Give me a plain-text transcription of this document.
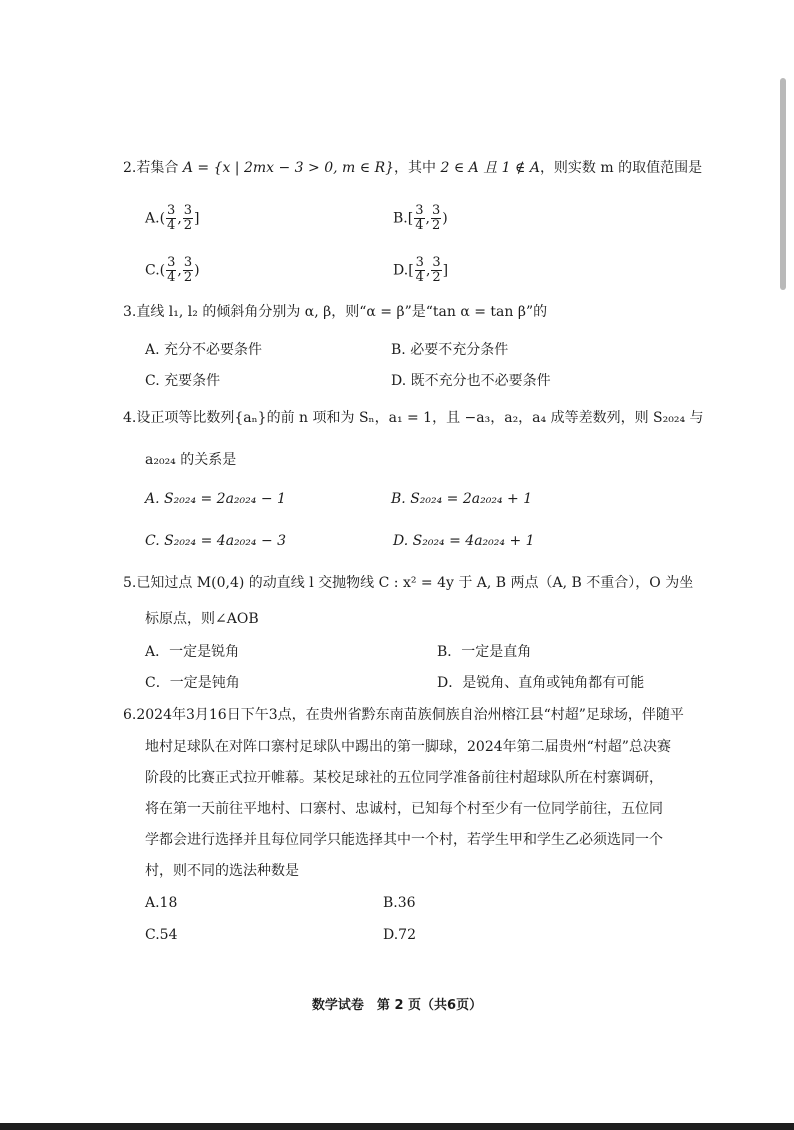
2.若集合 A = {x | 2mx − 3 > 0, m ∈ R}，其中 2 ∈ A 且 1 ∉ A，则实数 m 的取值范围是
$A.( \frac{3}{4}$ , $\frac{3}{2}$ ]	$B.[ \frac{3}{4}$ , $\frac{3}{2}$ )
$C.( \frac{3}{4}$ , $\frac{3}{2}$ )	$D.[ \frac{3}{4}$ , $\frac{3}{2}$ ]
3.直线 l₁, l₂ 的倾斜角分别为 α, β，则“α = β”是“tan α = tan β”的
A. 充分不必要条件	B. 必要不充分条件
C. 充要条件	D. 既不充分也不必要条件
4.设正项等比数列{aₙ}的前 n 项和为 Sₙ，a₁ = 1，且 −a₃，a₂，a₄ 成等差数列，则 S₂₀₂₄ 与
a₂₀₂₄ 的关系是
A. S₂₀₂₄ = 2a₂₀₂₄ − 1	B. S₂₀₂₄ = 2a₂₀₂₄ + 1
C. S₂₀₂₄ = 4a₂₀₂₄ − 3	D. S₂₀₂₄ = 4a₂₀₂₄ + 1
5.已知过点 M(0,4) 的动直线 l 交抛物线 C : x² = 4y 于 A, B 两点（A, B 不重合），O 为坐
标原点，则∠AOB
A．一定是锐角	B．一定是直角
C．一定是钝角	D．是锐角、直角或钝角都有可能
6.2024年3月16日下午3点，在贵州省黔东南苗族侗族自治州榕江县“村超”足球场，伴随平
地村足球队在对阵口寨村足球队中踢出的第一脚球，2024年第二届贵州“村超”总决赛
阶段的比赛正式拉开帷幕。某校足球社的五位同学准备前往村超球队所在村寨调研，
将在第一天前往平地村、口寨村、忠诚村，已知每个村至少有一位同学前往，五位同
学都会进行选择并且每位同学只能选择其中一个村，若学生甲和学生乙必须选同一个
村，则不同的选法种数是
A.18	B.36
C.54	D.72
数学试卷　第 2 页（共6页）
